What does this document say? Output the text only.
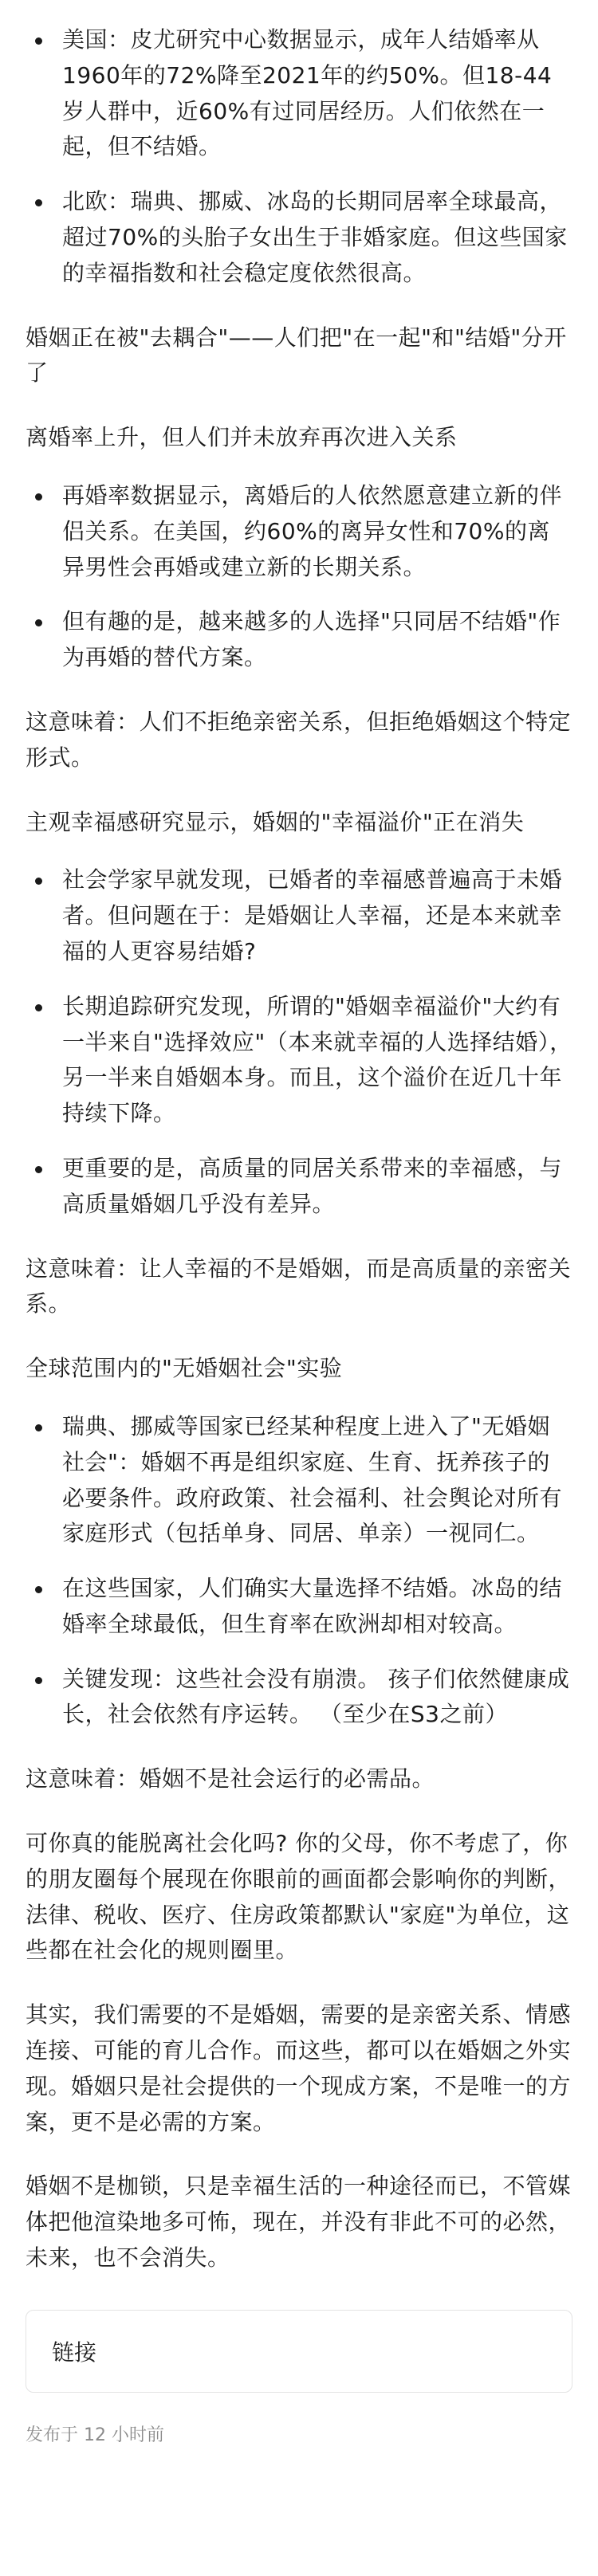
美国：皮尤研究中心数据显示，成年人结婚率从1960年的72%降至2021年的约50%。但18-44岁人群中，近60%有过同居经历。人们依然在一起，但不结婚。
北欧：瑞典、挪威、冰岛的长期同居率全球最高，超过70%的头胎子女出生于非婚家庭。但这些国家的幸福指数和社会稳定度依然很高。

婚姻正在被"去耦合"——人们把"在一起"和"结婚"分开了

离婚率上升，但人们并未放弃再次进入关系

再婚率数据显示，离婚后的人依然愿意建立新的伴侣关系。在美国，约60%的离异女性和70%的离异男性会再婚或建立新的长期关系。
但有趣的是，越来越多的人选择"只同居不结婚"作为再婚的替代方案。

这意味着：人们不拒绝亲密关系，但拒绝婚姻这个特定形式。

主观幸福感研究显示，婚姻的"幸福溢价"正在消失

社会学家早就发现，已婚者的幸福感普遍高于未婚者。但问题在于：是婚姻让人幸福，还是本来就幸福的人更容易结婚?
长期追踪研究发现，所谓的"婚姻幸福溢价"大约有一半来自"选择效应"（本来就幸福的人选择结婚），另一半来自婚姻本身。而且，这个溢价在近几十年持续下降。
更重要的是，高质量的同居关系带来的幸福感，与高质量婚姻几乎没有差异。

这意味着：让人幸福的不是婚姻，而是高质量的亲密关系。

全球范围内的"无婚姻社会"实验

瑞典、挪威等国家已经某种程度上进入了"无婚姻社会"：婚姻不再是组织家庭、生育、抚养孩子的必要条件。政府政策、社会福利、社会舆论对所有家庭形式（包括单身、同居、单亲）一视同仁。
在这些国家，人们确实大量选择不结婚。冰岛的结婚率全球最低，但生育率在欧洲却相对较高。
关键发现：这些社会没有崩溃。 孩子们依然健康成长，社会依然有序运转。 （至少在S3之前）

这意味着：婚姻不是社会运行的必需品。

可你真的能脱离社会化吗? 你的父母，你不考虑了，你的朋友圈每个展现在你眼前的画面都会影响你的判断，法律、税收、医疗、住房政策都默认"家庭"为单位，这些都在社会化的规则圈里。

其实，我们需要的不是婚姻，需要的是亲密关系、情感连接、可能的育儿合作。而这些，都可以在婚姻之外实现。婚姻只是社会提供的一个现成方案，不是唯一的方案，更不是必需的方案。

婚姻不是枷锁，只是幸福生活的一种途径而已，不管媒体把他渲染地多可怖，现在，并没有非此不可的必然，未来，也不会消失。

链接
发布于 12 小时前
